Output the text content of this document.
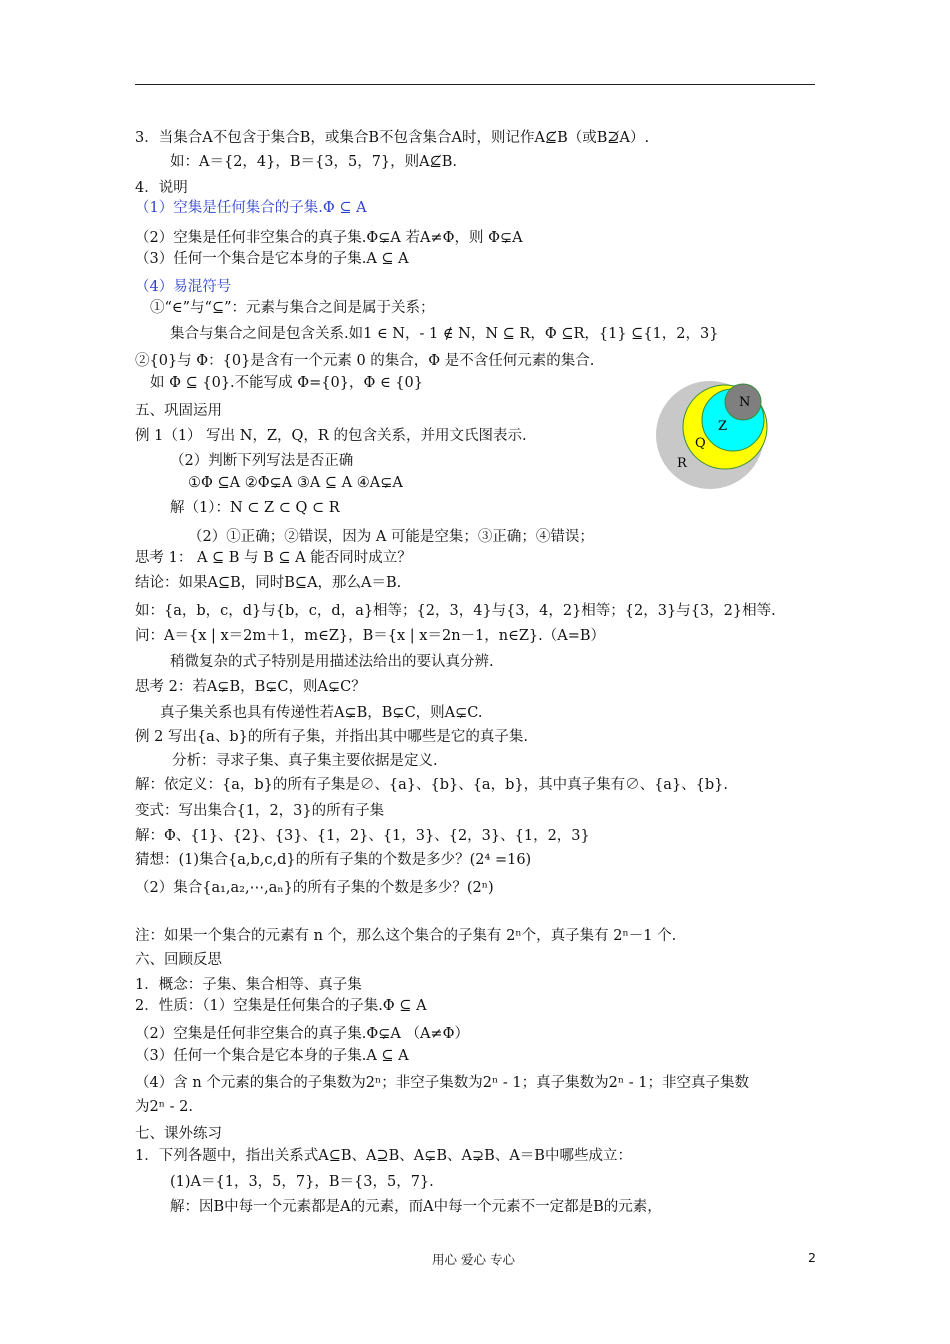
3．当集合A不包含于集合B，或集合B不包含集合A时，则记作A⊈B（或B⊉A）.
如：A＝{2，4}，B＝{3，5，7}，则A⊈B.
4．说明
（1）空集是任何集合的子集.Φ ⊆ A
（2）空集是任何非空集合的真子集.Φ⊊A 若A≠Φ，则 Φ⊊A
（3）任何一个集合是它本身的子集.A ⊆ A
（4）易混符号
①“∈”与“⊆”：元素与集合之间是属于关系；
集合与集合之间是包含关系.如1 ∈ N，- 1 ∉ N，N ⊆ R，Φ ⊆R，{1} ⊆{1，2，3}
②{0}与 Φ：{0}是含有一个元素 0 的集合，Φ 是不含任何元素的集合.
如 Φ ⊆ {0}.不能写成 Φ={0}，Φ ∈ {0}
五、巩固运用
例 1（1） 写出 N，Z，Q，R 的包含关系，并用文氏图表示.
（2）判断下列写法是否正确
①Φ ⊆A ②Φ⊊A ③A ⊆ A ④A⊊A
解（1）：N ⊂ Z ⊂ Q ⊂ R
（2）①正确；②错误，因为 A 可能是空集；③正确；④错误；
思考 1： A ⊆ B 与 B ⊆ A 能否同时成立？
结论：如果A⊆B，同时B⊆A，那么A＝B.
如：{a，b，c，d}与{b，c，d，a}相等；{2，3，4}与{3，4，2}相等；{2，3}与{3，2}相等.
问：A＝{x | x＝2m＋1，m∈Z}，B＝{x | x＝2n－1，n∈Z}.（A=B）
稍微复杂的式子特别是用描述法给出的要认真分辨.
思考 2：若A⊊B，B⊊C，则A⊊C？
真子集关系也具有传递性若A⊊B，B⊊C，则A⊊C.
例 2 写出{a、b}的所有子集，并指出其中哪些是它的真子集.
分析：寻求子集、真子集主要依据是定义.
解：依定义：{a，b}的所有子集是∅、{a}、{b}、{a，b}，其中真子集有∅、{a}、{b}.
变式：写出集合{1，2，3}的所有子集
解：Φ、{1}、{2}、{3}、{1，2}、{1，3}、{2，3}、{1，2，3}
猜想：(1)集合{a,b,c,d}的所有子集的个数是多少？(2⁴ =16)
（2）集合{a₁,a₂,⋯,aₙ}的所有子集的个数是多少？(2ⁿ)
注：如果一个集合的元素有 n 个，那么这个集合的子集有 2ⁿ个，真子集有 2ⁿ－1 个.
六、回顾反思
1．概念：子集、集合相等、真子集
2．性质：（1）空集是任何集合的子集.Φ ⊆ A
（2）空集是任何非空集合的真子集.Φ⊊A （A≠Φ）
（3）任何一个集合是它本身的子集.A ⊆ A
（4）含 n 个元素的集合的子集数为2ⁿ；非空子集数为2ⁿ - 1；真子集数为2ⁿ - 1；非空真子集数
为2ⁿ - 2.
七、课外练习
1．下列各题中，指出关系式A⊆B、A⊇B、A⊊B、A⊋B、A＝B中哪些成立：
(1)A＝{1，3，5，7}，B＝{3，5，7}.
解：因B中每一个元素都是A的元素，而A中每一个元素不一定都是B的元素，
N
Z
Q
R
用心 爱心 专心	2
